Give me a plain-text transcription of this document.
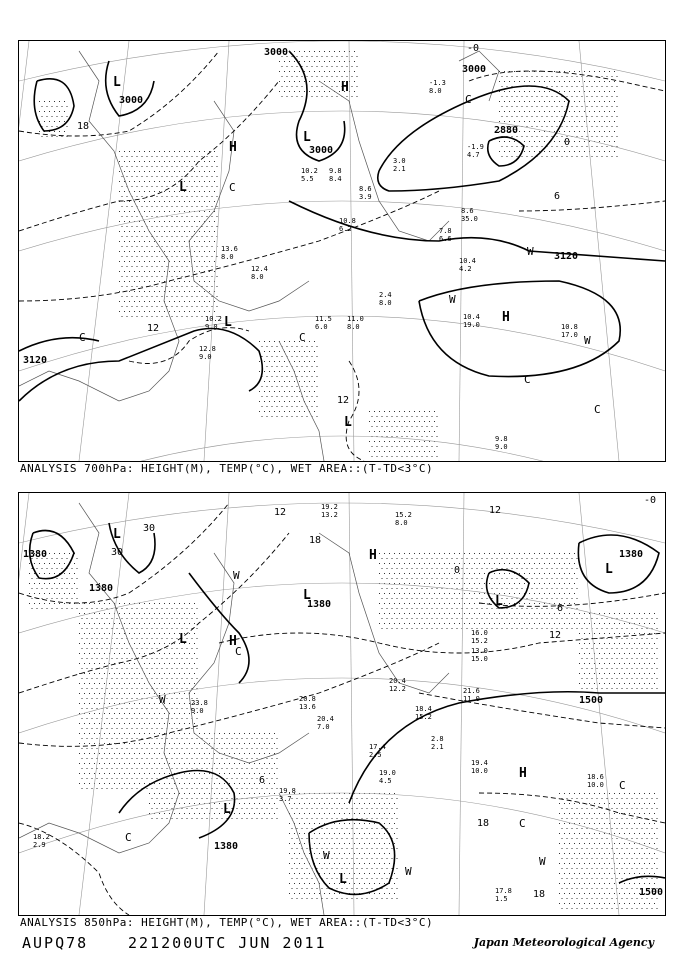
3000
3000
3000
3000
2880
3120
3120
18
12
12
0
-0
6
L
L
L
L
L
H
H
H
C
C
C	C
C
W
W
W
C
10.2
5.5
9.8
8.4
8.6
3.9
10.8
6.2
11.5
6.0
12.4
8.0
13.6
8.0
10.2
9.0
11.0
8.0
2.4
8.0
10.4
19.0	10.8
17.0
9.8
9.0
-1.9
4.7
3.0
2.1
7.8
6.6
10.4
4.2
8.6
35.0
12.8
9.0
-1.3
8.0
ANALYSIS 700hPa: HEIGHT(M), TEMP(°C), WET AREA::(T-TD<3°C)
1380
1380
1380
1380
1380
1500
1500
30
30
18
18
12
12
6
0
-0
6
12
18
L
L
L
L
L
L
L
H
H
H
C
C
C
C
W
W
W
W
W
19.2
13.2	15.2
8.0
20.8
13.6	18.4
15.2
17.4
2.5
19.0
4.5
19.4
10.0
18.6
10.0
17.8
1.5
23.8
9.0
20.4
12.2	21.6
11.0
18.2
2.9
13.0
15.0
16.0
15.2
19.8
3.7
20.4
7.0
2.8
2.1
ANALYSIS 850hPa: HEIGHT(M), TEMP(°C), WET AREA::(T-TD<3°C)
AUPQ78	221200UTC JUN 2011	Japan Meteorological Agency
